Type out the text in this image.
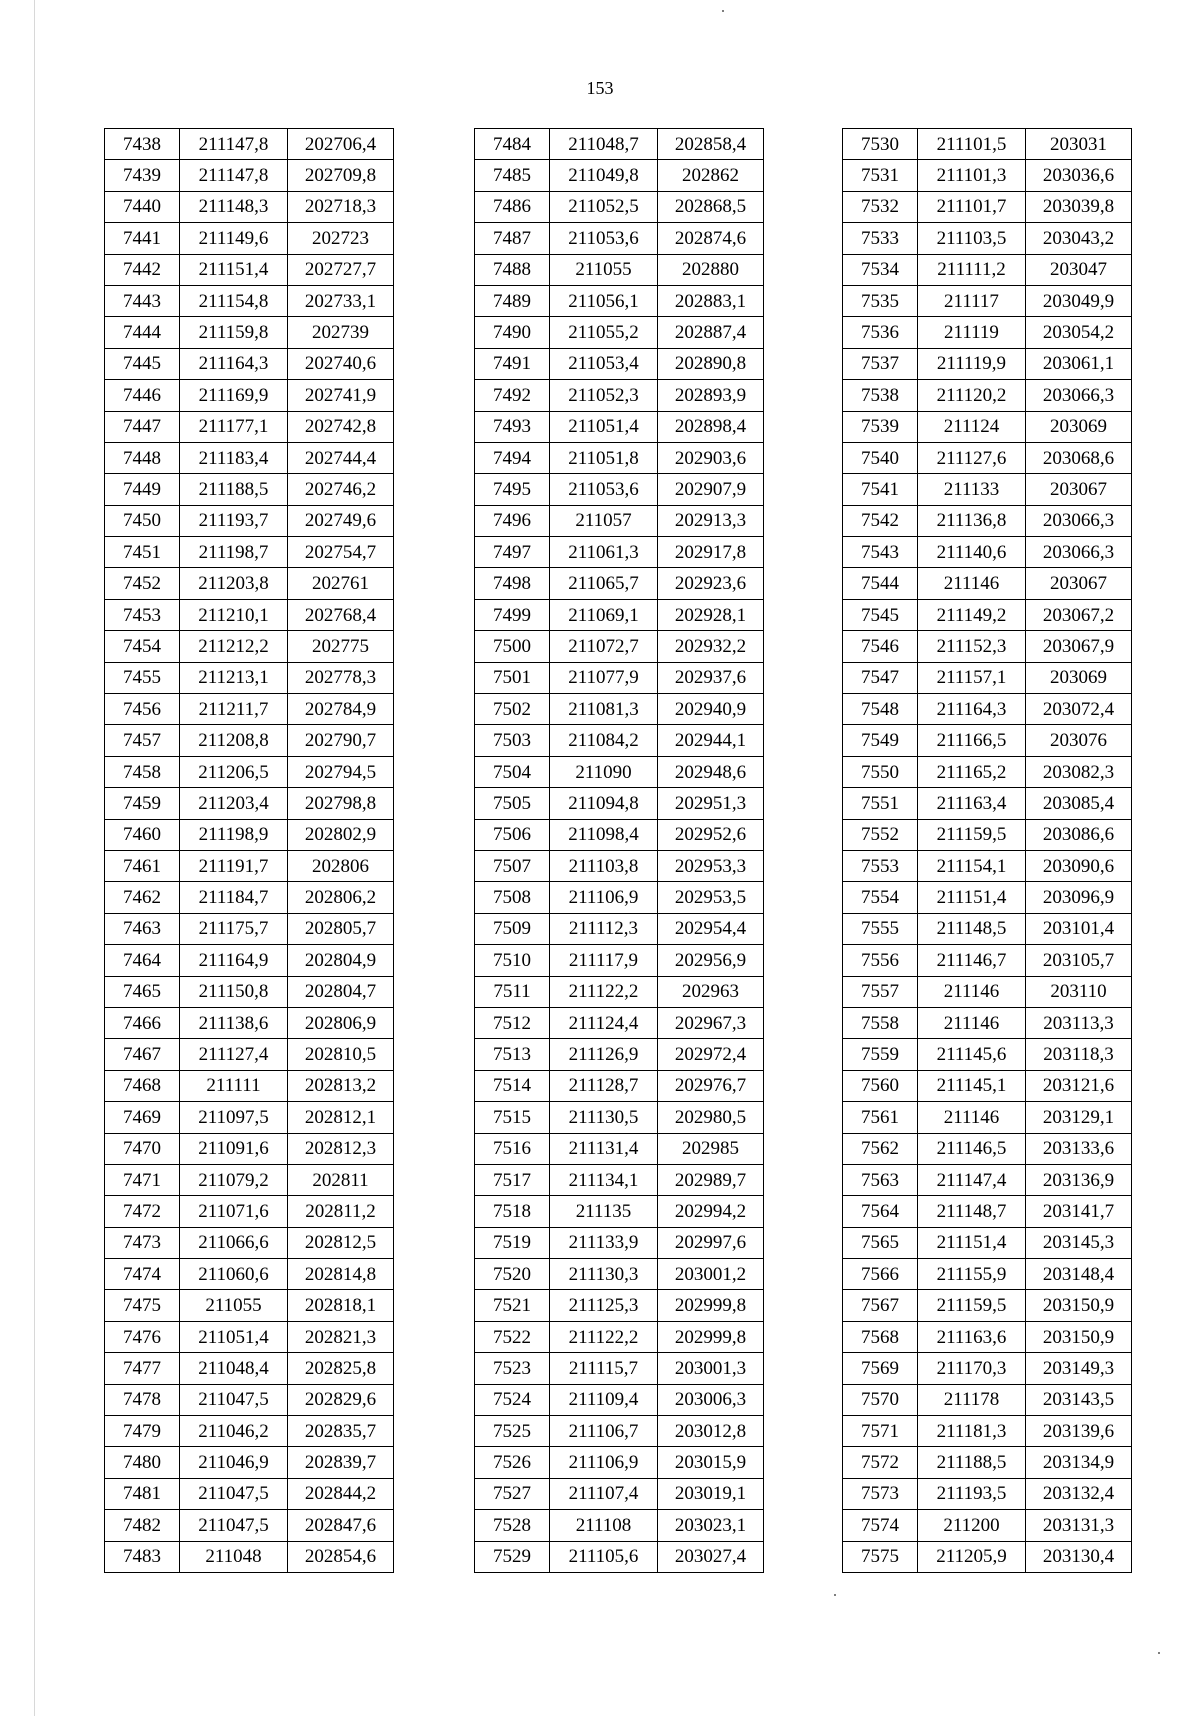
153
7438	211147,8	202706,4
7439	211147,8	202709,8
7440	211148,3	202718,3
7441	211149,6	202723
7442	211151,4	202727,7
7443	211154,8	202733,1
7444	211159,8	202739
7445	211164,3	202740,6
7446	211169,9	202741,9
7447	211177,1	202742,8
7448	211183,4	202744,4
7449	211188,5	202746,2
7450	211193,7	202749,6
7451	211198,7	202754,7
7452	211203,8	202761
7453	211210,1	202768,4
7454	211212,2	202775
7455	211213,1	202778,3
7456	211211,7	202784,9
7457	211208,8	202790,7
7458	211206,5	202794,5
7459	211203,4	202798,8
7460	211198,9	202802,9
7461	211191,7	202806
7462	211184,7	202806,2
7463	211175,7	202805,7
7464	211164,9	202804,9
7465	211150,8	202804,7
7466	211138,6	202806,9
7467	211127,4	202810,5
7468	211111	202813,2
7469	211097,5	202812,1
7470	211091,6	202812,3
7471	211079,2	202811
7472	211071,6	202811,2
7473	211066,6	202812,5
7474	211060,6	202814,8
7475	211055	202818,1
7476	211051,4	202821,3
7477	211048,4	202825,8
7478	211047,5	202829,6
7479	211046,2	202835,7
7480	211046,9	202839,7
7481	211047,5	202844,2
7482	211047,5	202847,6
7483	211048	202854,6
7484	211048,7	202858,4
7485	211049,8	202862
7486	211052,5	202868,5
7487	211053,6	202874,6
7488	211055	202880
7489	211056,1	202883,1
7490	211055,2	202887,4
7491	211053,4	202890,8
7492	211052,3	202893,9
7493	211051,4	202898,4
7494	211051,8	202903,6
7495	211053,6	202907,9
7496	211057	202913,3
7497	211061,3	202917,8
7498	211065,7	202923,6
7499	211069,1	202928,1
7500	211072,7	202932,2
7501	211077,9	202937,6
7502	211081,3	202940,9
7503	211084,2	202944,1
7504	211090	202948,6
7505	211094,8	202951,3
7506	211098,4	202952,6
7507	211103,8	202953,3
7508	211106,9	202953,5
7509	211112,3	202954,4
7510	211117,9	202956,9
7511	211122,2	202963
7512	211124,4	202967,3
7513	211126,9	202972,4
7514	211128,7	202976,7
7515	211130,5	202980,5
7516	211131,4	202985
7517	211134,1	202989,7
7518	211135	202994,2
7519	211133,9	202997,6
7520	211130,3	203001,2
7521	211125,3	202999,8
7522	211122,2	202999,8
7523	211115,7	203001,3
7524	211109,4	203006,3
7525	211106,7	203012,8
7526	211106,9	203015,9
7527	211107,4	203019,1
7528	211108	203023,1
7529	211105,6	203027,4
7530	211101,5	203031
7531	211101,3	203036,6
7532	211101,7	203039,8
7533	211103,5	203043,2
7534	211111,2	203047
7535	211117	203049,9
7536	211119	203054,2
7537	211119,9	203061,1
7538	211120,2	203066,3
7539	211124	203069
7540	211127,6	203068,6
7541	211133	203067
7542	211136,8	203066,3
7543	211140,6	203066,3
7544	211146	203067
7545	211149,2	203067,2
7546	211152,3	203067,9
7547	211157,1	203069
7548	211164,3	203072,4
7549	211166,5	203076
7550	211165,2	203082,3
7551	211163,4	203085,4
7552	211159,5	203086,6
7553	211154,1	203090,6
7554	211151,4	203096,9
7555	211148,5	203101,4
7556	211146,7	203105,7
7557	211146	203110
7558	211146	203113,3
7559	211145,6	203118,3
7560	211145,1	203121,6
7561	211146	203129,1
7562	211146,5	203133,6
7563	211147,4	203136,9
7564	211148,7	203141,7
7565	211151,4	203145,3
7566	211155,9	203148,4
7567	211159,5	203150,9
7568	211163,6	203150,9
7569	211170,3	203149,3
7570	211178	203143,5
7571	211181,3	203139,6
7572	211188,5	203134,9
7573	211193,5	203132,4
7574	211200	203131,3
7575	211205,9	203130,4
